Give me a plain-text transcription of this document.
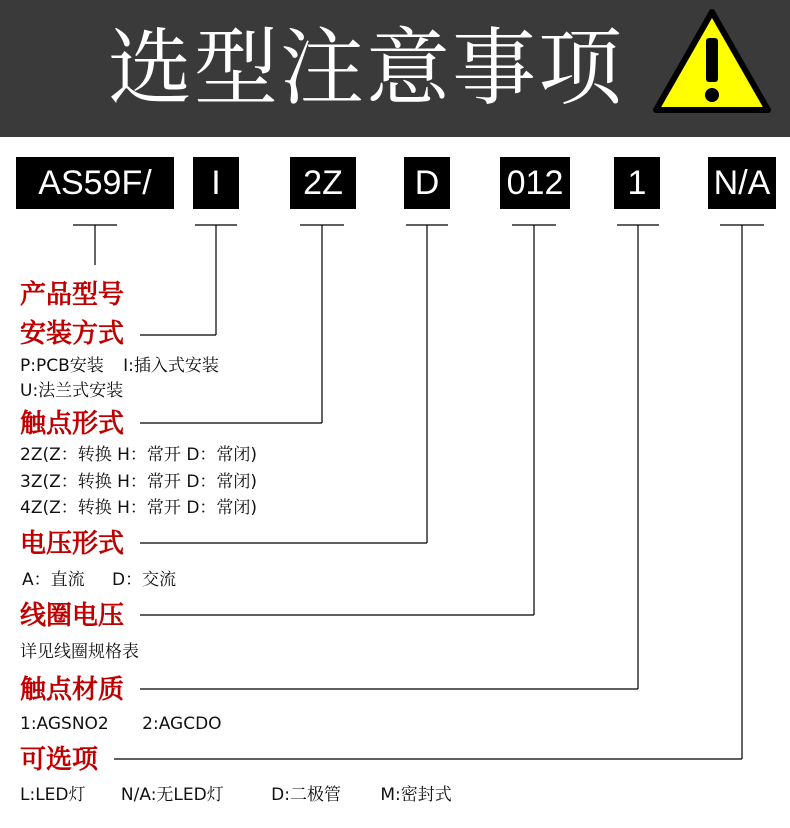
选型注意事项
AS59F/	I	2Z	D	012	1	N/A
产品型号
安装方式
P:PCB安装 I:插入式安装
U:法兰式安装
触点形式
2Z(Z：转换 H：常开 D：常闭)
3Z(Z：转换 H：常开 D：常闭)
4Z(Z：转换 H：常开 D：常闭)
电压形式
A：直流 D：交流
线圈电压
详见线圈规格表
触点材质
1:AGSNO2 2:AGCDO
可选项
L:LED灯 N/A:无LED灯	D:二极管 M:密封式
